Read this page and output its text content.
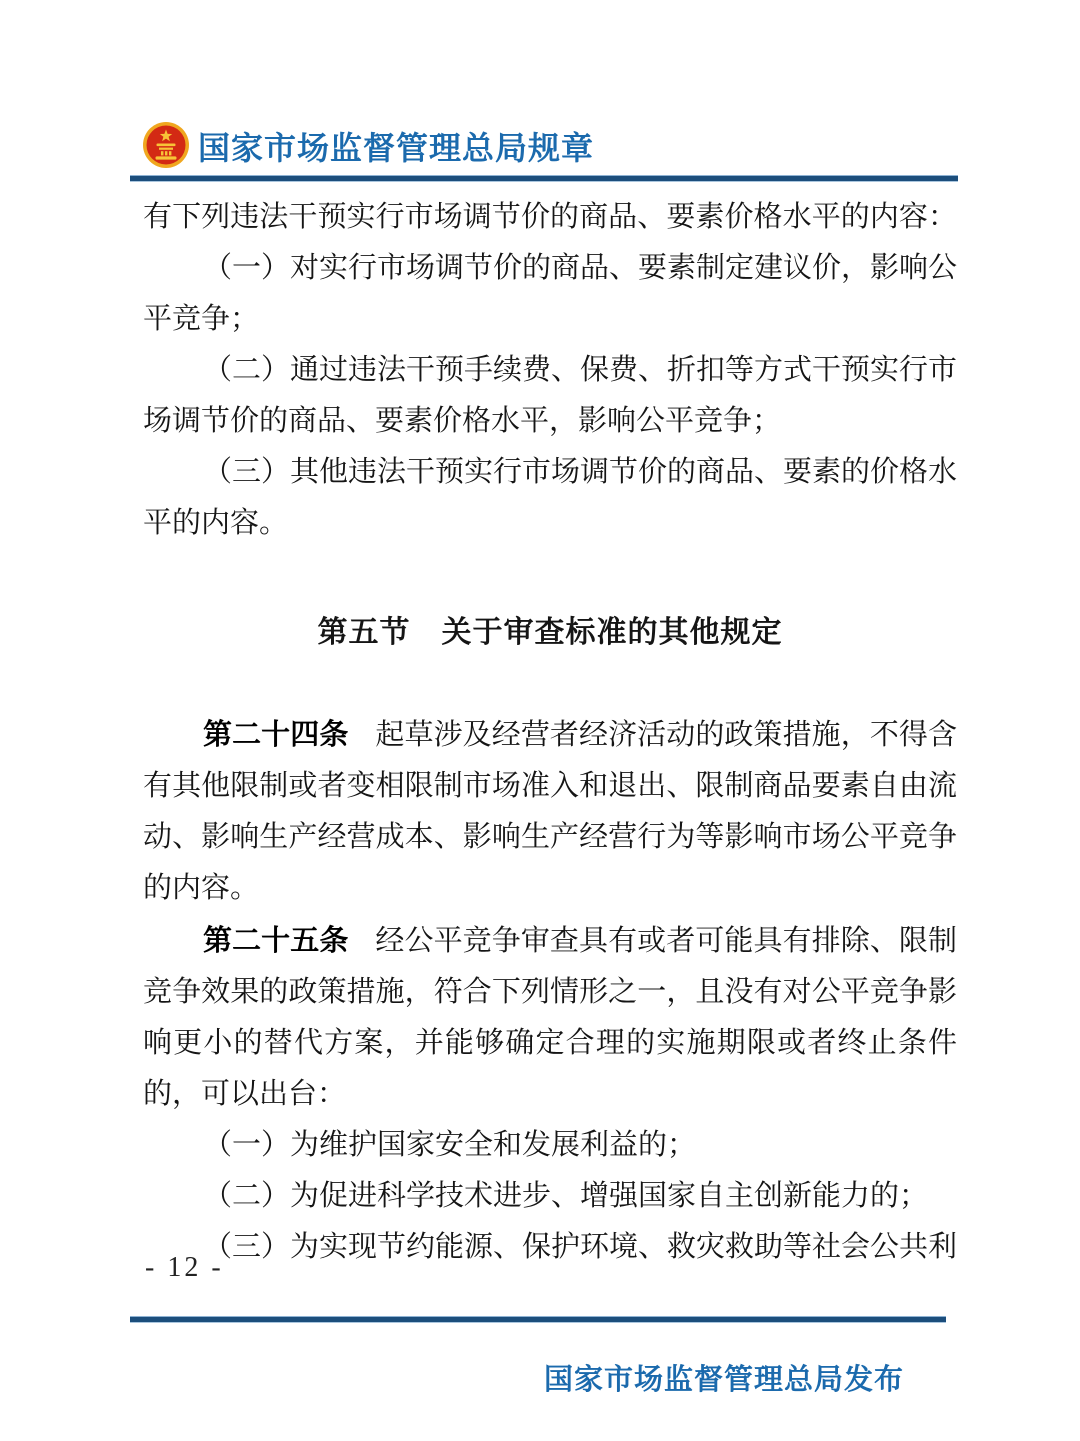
国家市场监督管理总局规章
有下列违法干预实行市场调节价的商品、要素价格水平的内容：
（一）对实行市场调节价的商品、要素制定建议价，影响公
平竞争；
（二）通过违法干预手续费、保费、折扣等方式干预实行市
场调节价的商品、要素价格水平，影响公平竞争；
（三）其他违法干预实行市场调节价的商品、要素的价格水
平的内容。
第五节　关于审查标准的其他规定
第二十四条 起草涉及经营者经济活动的政策措施，不得含
有其他限制或者变相限制市场准入和退出、限制商品要素自由流
动、影响生产经营成本、影响生产经营行为等影响市场公平竞争
的内容。
第二十五条 经公平竞争审查具有或者可能具有排除、限制
竞争效果的政策措施，符合下列情形之一，且没有对公平竞争影
响更小的替代方案，并能够确定合理的实施期限或者终止条件
的，可以出台：
（一）为维护国家安全和发展利益的；
（二）为促进科学技术进步、增强国家自主创新能力的；
（三）为实现节约能源、保护环境、救灾救助等社会公共利
- 12 -
国家市场监督管理总局发布
